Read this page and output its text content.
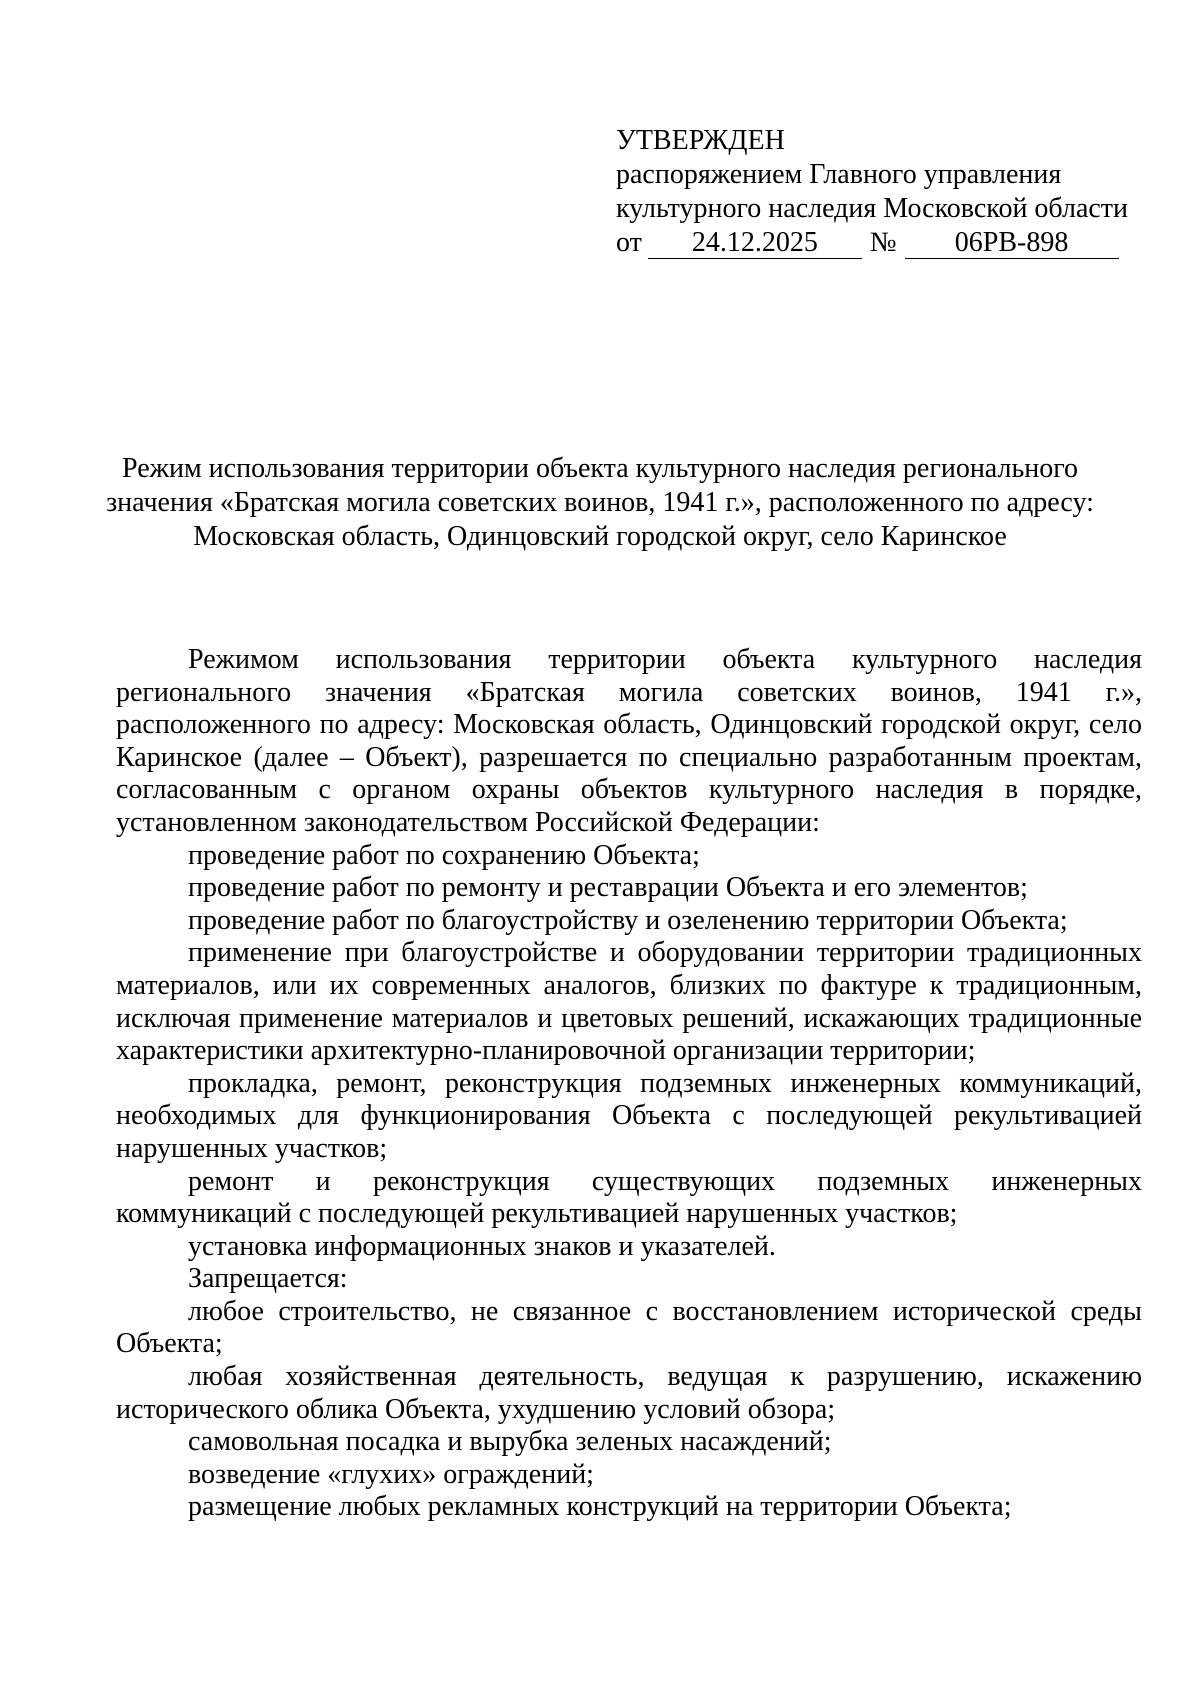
УТВЕРЖДЕН
распоряжением Главного управления
культурного наследия Московской области
от	24.12.2025	№	06РВ-898
Режим использования территории объекта культурного наследия регионального
значения «Братская могила советских воинов, 1941 г.», расположенного по адресу:
Московская область, Одинцовский городской округ, село Каринское

Режимом использования территории объекта культурного наследия регионального значения «Братская могила советских воинов, 1941 г.», расположенного по адресу: Московская область, Одинцовский городской округ, село Каринское (далее – Объект), разрешается по специально разработанным проектам, согласованным с органом охраны объектов культурного наследия в порядке, установленном законодательством Российской Федерации:

проведение работ по сохранению Объекта;

проведение работ по ремонту и реставрации Объекта и его элементов;

проведение работ по благоустройству и озеленению территории Объекта;

применение при благоустройстве и оборудовании территории традиционных материалов, или их современных аналогов, близких по фактуре к традиционным, исключая применение материалов и цветовых решений, искажающих традиционные характеристики архитектурно-планировочной организации территории;

прокладка, ремонт, реконструкция подземных инженерных коммуникаций, необходимых для функционирования Объекта с последующей рекультивацией нарушенных участков;

ремонт и реконструкция существующих подземных инженерных коммуникаций с последующей рекультивацией нарушенных участков;

установка информационных знаков и указателей.

Запрещается:

любое строительство, не связанное с восстановлением исторической среды Объекта;

любая хозяйственная деятельность, ведущая к разрушению, искажению исторического облика Объекта, ухудшению условий обзора;

самовольная посадка и вырубка зеленых насаждений;

возведение «глухих» ограждений;

размещение любых рекламных конструкций на территории Объекта;
